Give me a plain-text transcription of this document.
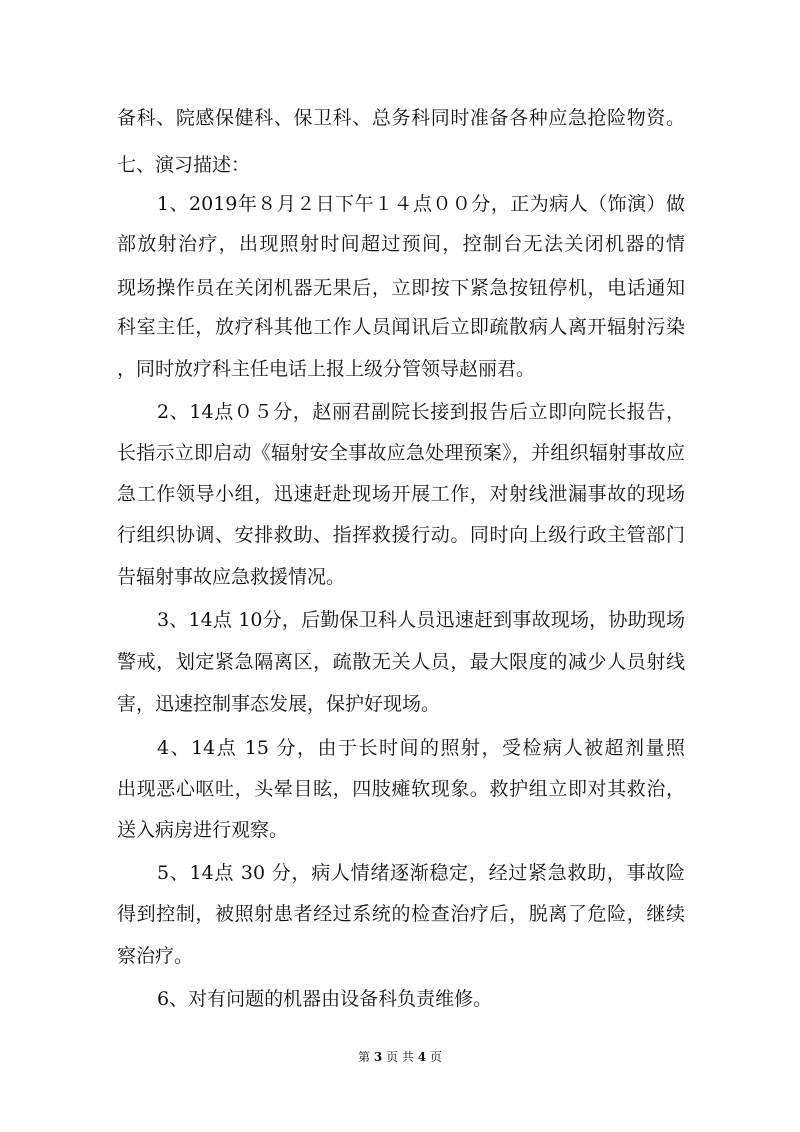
备科、院感保健科、保卫科、总务科同时准备各种应急抢险物资。
七、演习描述：
1、2019年８月２日下午１４点００分，正为病人（饰演）做
部放射治疗，出现照射时间超过预间，控制台无法关闭机器的情
现场操作员在关闭机器无果后，立即按下紧急按钮停机，电话通知
科室主任，放疗科其他工作人员闻讯后立即疏散病人离开辐射污染
，同时放疗科主任电话上报上级分管领导赵丽君。
2、14点０５分，赵丽君副院长接到报告后立即向院长报告，
长指示立即启动《辐射安全事故应急处理预案》，并组织辐射事故应
急工作领导小组，迅速赶赴现场开展工作，对射线泄漏事故的现场
行组织协调、安排救助、指挥救援行动。同时向上级行政主管部门
告辐射事故应急救援情况。
3、14点 10分，后勤保卫科人员迅速赶到事故现场，协助现场
警戒，划定紧急隔离区，疏散无关人员，最大限度的减少人员射线
害，迅速控制事态发展，保护好现场。
4、14点 15 分，由于长时间的照射，受检病人被超剂量照
出现恶心呕吐，头晕目眩，四肢瘫软现象。救护组立即对其救治，
送入病房进行观察。
5、14点 30 分，病人情绪逐渐稳定，经过紧急救助，事故险
得到控制，被照射患者经过系统的检查治疗后，脱离了危险，继续
察治疗。
6、对有问题的机器由设备科负责维修。
第 3 页 共 4 页
